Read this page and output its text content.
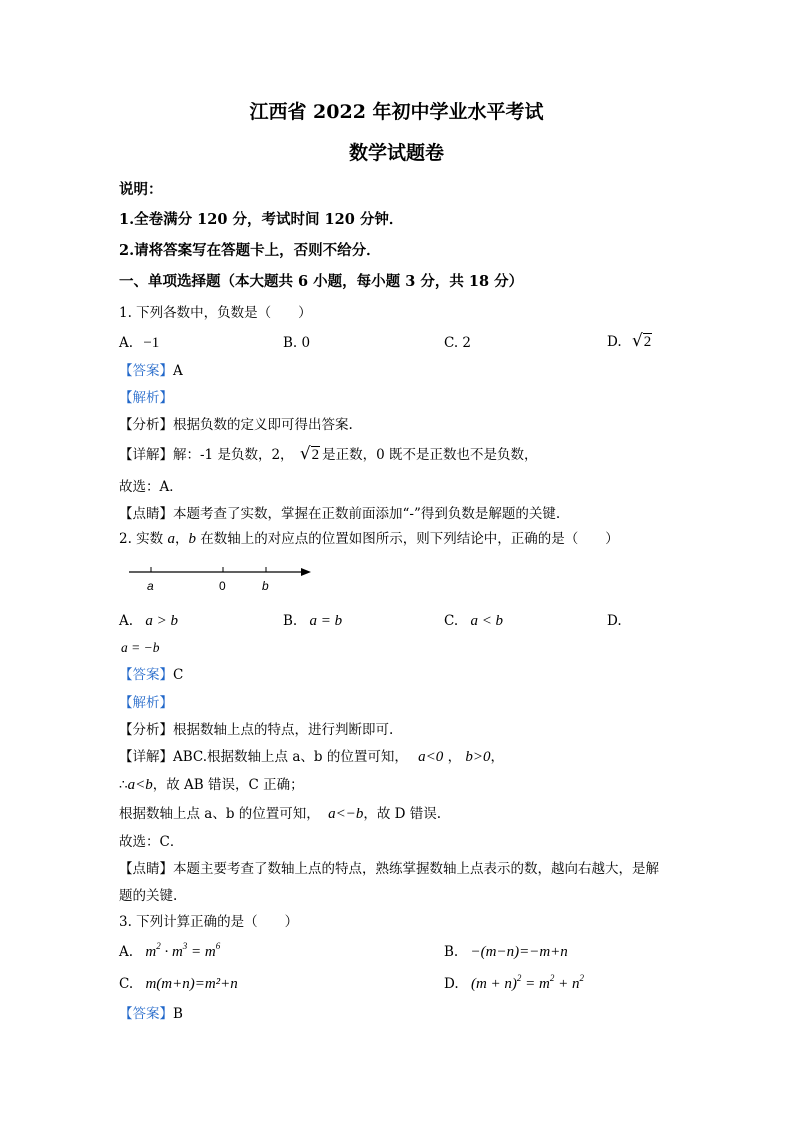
江西省 2022 年初中学业水平考试
数学试题卷
说明：
1.全卷满分 120 分，考试时间 120 分钟．
2.请将答案写在答题卡上，否则不给分．
一、单项选择题（本大题共 6 小题，每小题 3 分，共 18 分）
1. 下列各数中，负数是（　　）
A. −1	B. 0	C. 2	D. √2
【答案】A
【解析】
【分析】根据负数的定义即可得出答案.
【详解】解：-1 是负数，2， √2 是正数，0 既不是正数也不是负数，
故选：A．
【点睛】本题考查了实数，掌握在正数前面添加“-”得到负数是解题的关键.
2. 实数 a，b 在数轴上的对应点的位置如图所示，则下列结论中，正确的是（　　）
a	0	b
A. a > b	B. a = b	C. a < b	D.
a = −b
【答案】C
【解析】
【分析】根据数轴上点的特点，进行判断即可.
【详解】ABC.根据数轴上点 a、b 的位置可知， a<0 ， b>0，
∴a<b，故 AB 错误，C 正确；
根据数轴上点 a、b 的位置可知， a<−b，故 D 错误.
故选：C．
【点睛】本题主要考查了数轴上点的特点，熟练掌握数轴上点表示的数，越向右越大，是解
题的关键.
3. 下列计算正确的是（　　）
A. $m^2 \cdot m^3 = m^6$	B. −(m−n)=−m+n
C. m(m+n)=m²+n	D. $(m + n)^2 = m^2 + n^2$
【答案】B
